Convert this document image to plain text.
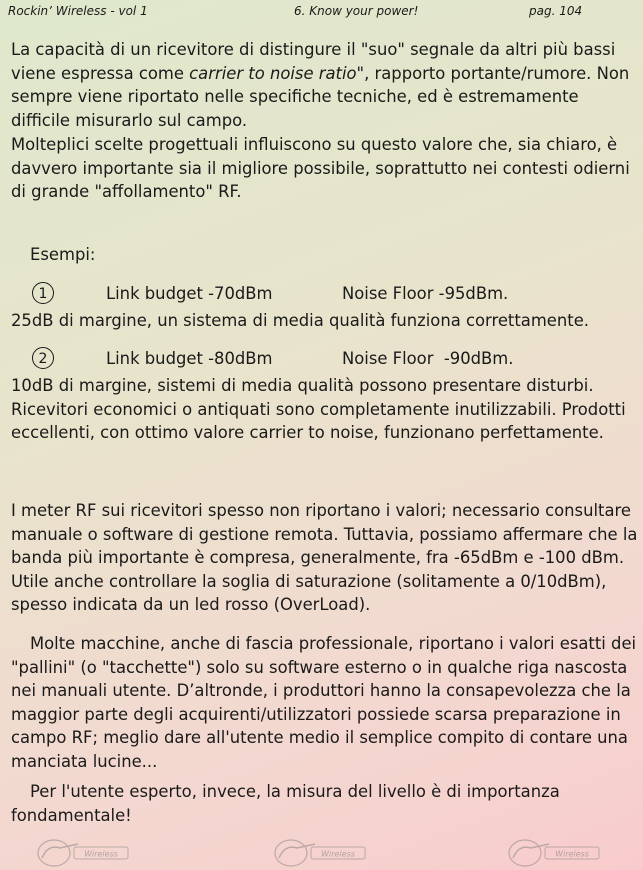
Rockin’ Wireless - vol 1	6. Know your power!	pag. 104

La capacità di un ricevitore di distingure il "suo" segnale da altri più bassi viene espressa come carrier to noise ratio", rapporto portante/rumore. Non sempre viene riportato nelle specifiche tecniche, ed è estremamente difficile misurarlo sul campo.

Molteplici scelte progettuali influiscono su questo valore che, sia chiaro, è davvero importante sia il migliore possibile, soprattutto nei contesti odierni di grande "affollamento" RF.

Esempi:

1	Link budget -70dBm	Noise Floor -95dBm.

25dB di margine, un sistema di media qualità funziona correttamente.

2	Link budget -80dBm	Noise Floor  -90dBm.

10dB di margine, sistemi di media qualità possono presentare disturbi. Ricevitori economici o antiquati sono completamente inutilizzabili. Prodotti eccellenti, con ottimo valore carrier to noise, funzionano perfettamente.

I meter RF sui ricevitori spesso non riportano i valori; necessario consultare manuale o software di gestione remota. Tuttavia, possiamo affermare che la banda più importante è compresa, generalmente, fra -65dBm e -100 dBm. Utile anche controllare la soglia di saturazione (solitamente a 0/10dBm), spesso indicata da un led rosso (OverLoad).

Molte macchine, anche di fascia professionale, riportano i valori esatti dei "pallini" (o "tacchette") solo su software esterno o in qualche riga nascosta nei manuali utente. D’altronde, i produttori hanno la consapevolezza che la maggior parte degli acquirenti/utilizzatori possiede scarsa preparazione in campo RF; meglio dare all'utente medio il semplice compito di contare una manciata lucine...

Per l'utente esperto, invece, la misura del livello è di importanza fondamentale!

Wireless	Wireless	Wireless
